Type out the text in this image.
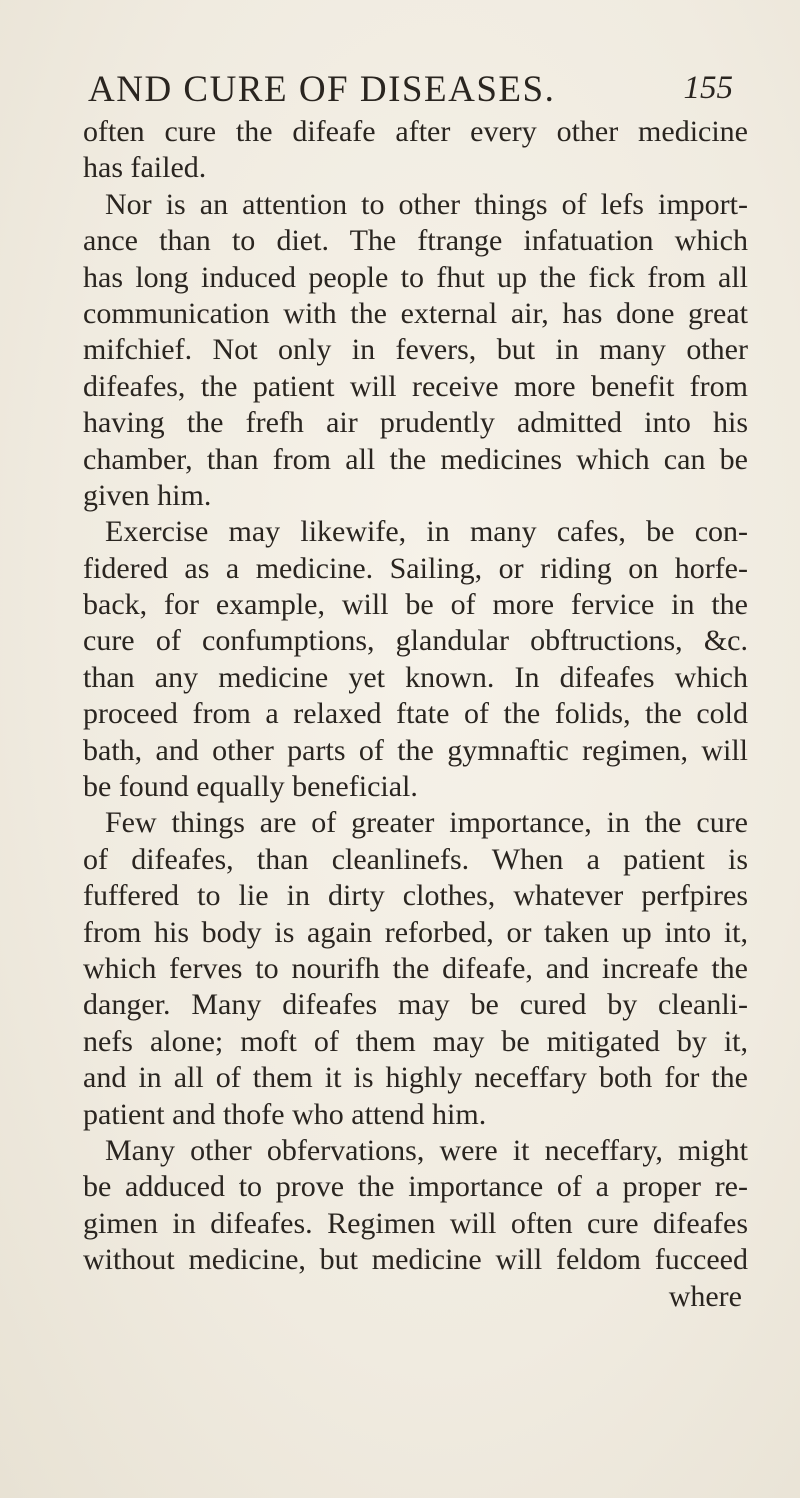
AND CURE OF DISEASES.	155
often cure the difeafe after every other medicine
has failed.
Nor is an attention to other things of lefs import-
ance than to diet. The ftrange infatuation which
has long induced people to fhut up the fick from all
communication with the external air, has done great
mifchief. Not only in fevers, but in many other
difeafes, the patient will receive more benefit from
having the frefh air prudently admitted into his
chamber, than from all the medicines which can be
given him.
Exercise may likewife, in many cafes, be con-
fidered as a medicine. Sailing, or riding on horfe-
back, for example, will be of more fervice in the
cure of confumptions, glandular obftructions, &c.
than any medicine yet known. In difeafes which
proceed from a relaxed ftate of the folids, the cold
bath, and other parts of the gymnaftic regimen, will
be found equally beneficial.
Few things are of greater importance, in the cure
of difeafes, than cleanlinefs. When a patient is
fuffered to lie in dirty clothes, whatever perfpires
from his body is again reforbed, or taken up into it,
which ferves to nourifh the difeafe, and increafe the
danger. Many difeafes may be cured by cleanli-
nefs alone; moft of them may be mitigated by it,
and in all of them it is highly neceffary both for the
patient and thofe who attend him.
Many other obfervations, were it neceffary, might
be adduced to prove the importance of a proper re-
gimen in difeafes. Regimen will often cure difeafes
without medicine, but medicine will feldom fucceed
where
